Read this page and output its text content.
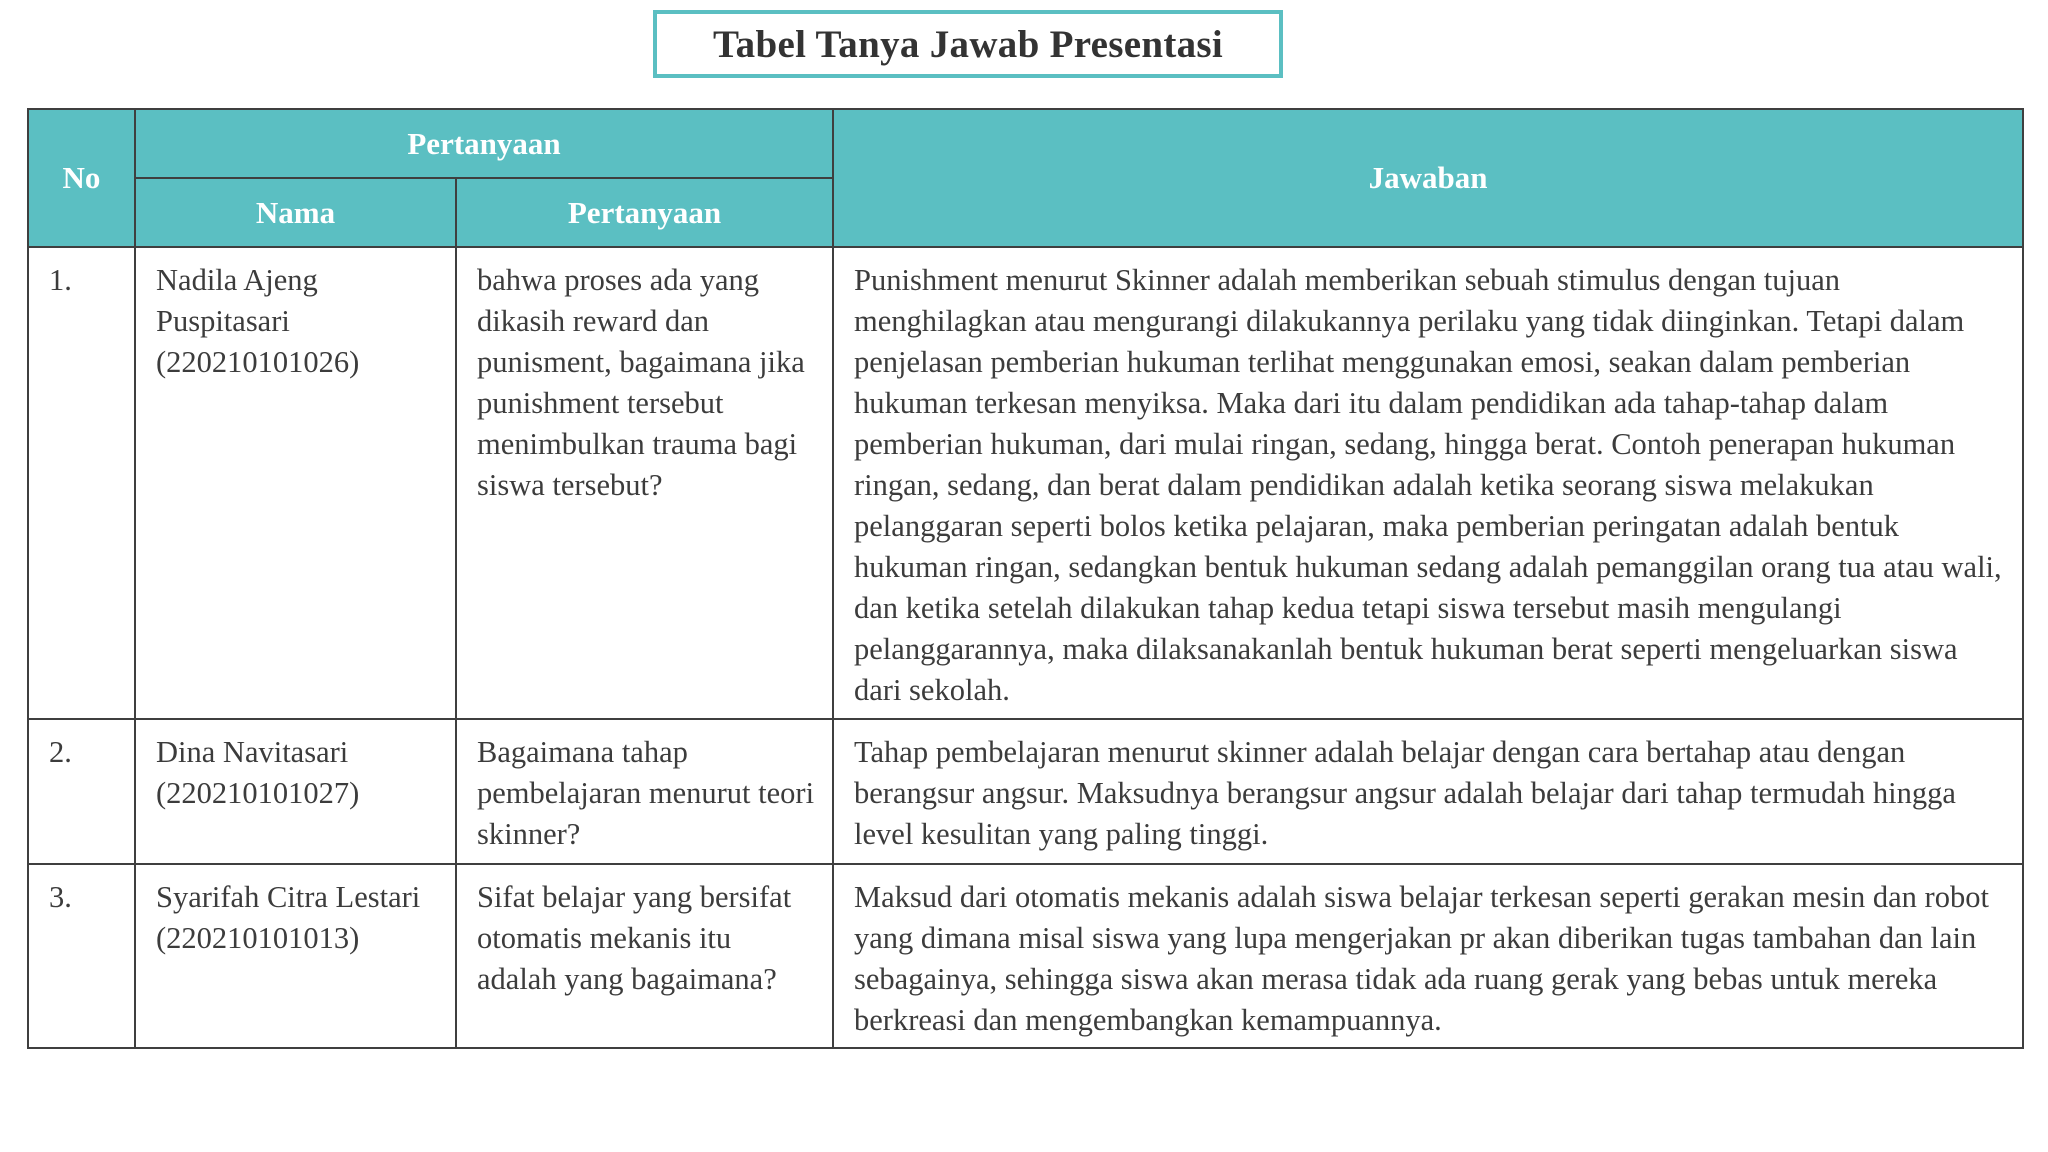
Tabel Tanya Jawab Presentasi
No	Pertanyaan		Jawaban
	Nama	Pertanyaan	
1.	Nadila Ajeng Puspitasari (220210101026)	bahwa proses ada yang dikasih reward dan punisment, bagaimana jika punishment tersebut menimbulkan trauma bagi siswa tersebut?	Punishment menurut Skinner adalah memberikan sebuah stimulus dengan tujuan menghilagkan atau mengurangi dilakukannya perilaku yang tidak diinginkan. Tetapi dalam penjelasan pemberian hukuman terlihat menggunakan emosi, seakan dalam pemberian hukuman terkesan menyiksa. Maka dari itu dalam pendidikan ada tahap-tahap dalam pemberian hukuman, dari mulai ringan, sedang, hingga berat. Contoh penerapan hukuman ringan, sedang, dan berat dalam pendidikan adalah ketika seorang siswa melakukan pelanggaran seperti bolos ketika pelajaran, maka pemberian peringatan adalah bentuk hukuman ringan, sedangkan bentuk hukuman sedang adalah pemanggilan orang tua atau wali, dan ketika setelah dilakukan tahap kedua tetapi siswa tersebut masih mengulangi pelanggarannya, maka dilaksanakanlah bentuk hukuman berat seperti mengeluarkan siswa dari sekolah.
2.	Dina Navitasari (220210101027)	Bagaimana tahap pembelajaran menurut teori skinner?	Tahap pembelajaran menurut skinner adalah belajar dengan cara bertahap atau dengan berangsur angsur. Maksudnya berangsur angsur adalah belajar dari tahap termudah hingga level kesulitan yang paling tinggi.
3.	Syarifah Citra Lestari (220210101013)	Sifat belajar yang bersifat otomatis mekanis itu adalah yang bagaimana?	Maksud dari otomatis mekanis adalah siswa belajar terkesan seperti gerakan mesin dan robot yang dimana misal siswa yang lupa mengerjakan pr akan diberikan tugas tambahan dan lain sebagainya, sehingga siswa akan merasa tidak ada ruang gerak yang bebas untuk mereka berkreasi dan mengembangkan kemampuannya.
